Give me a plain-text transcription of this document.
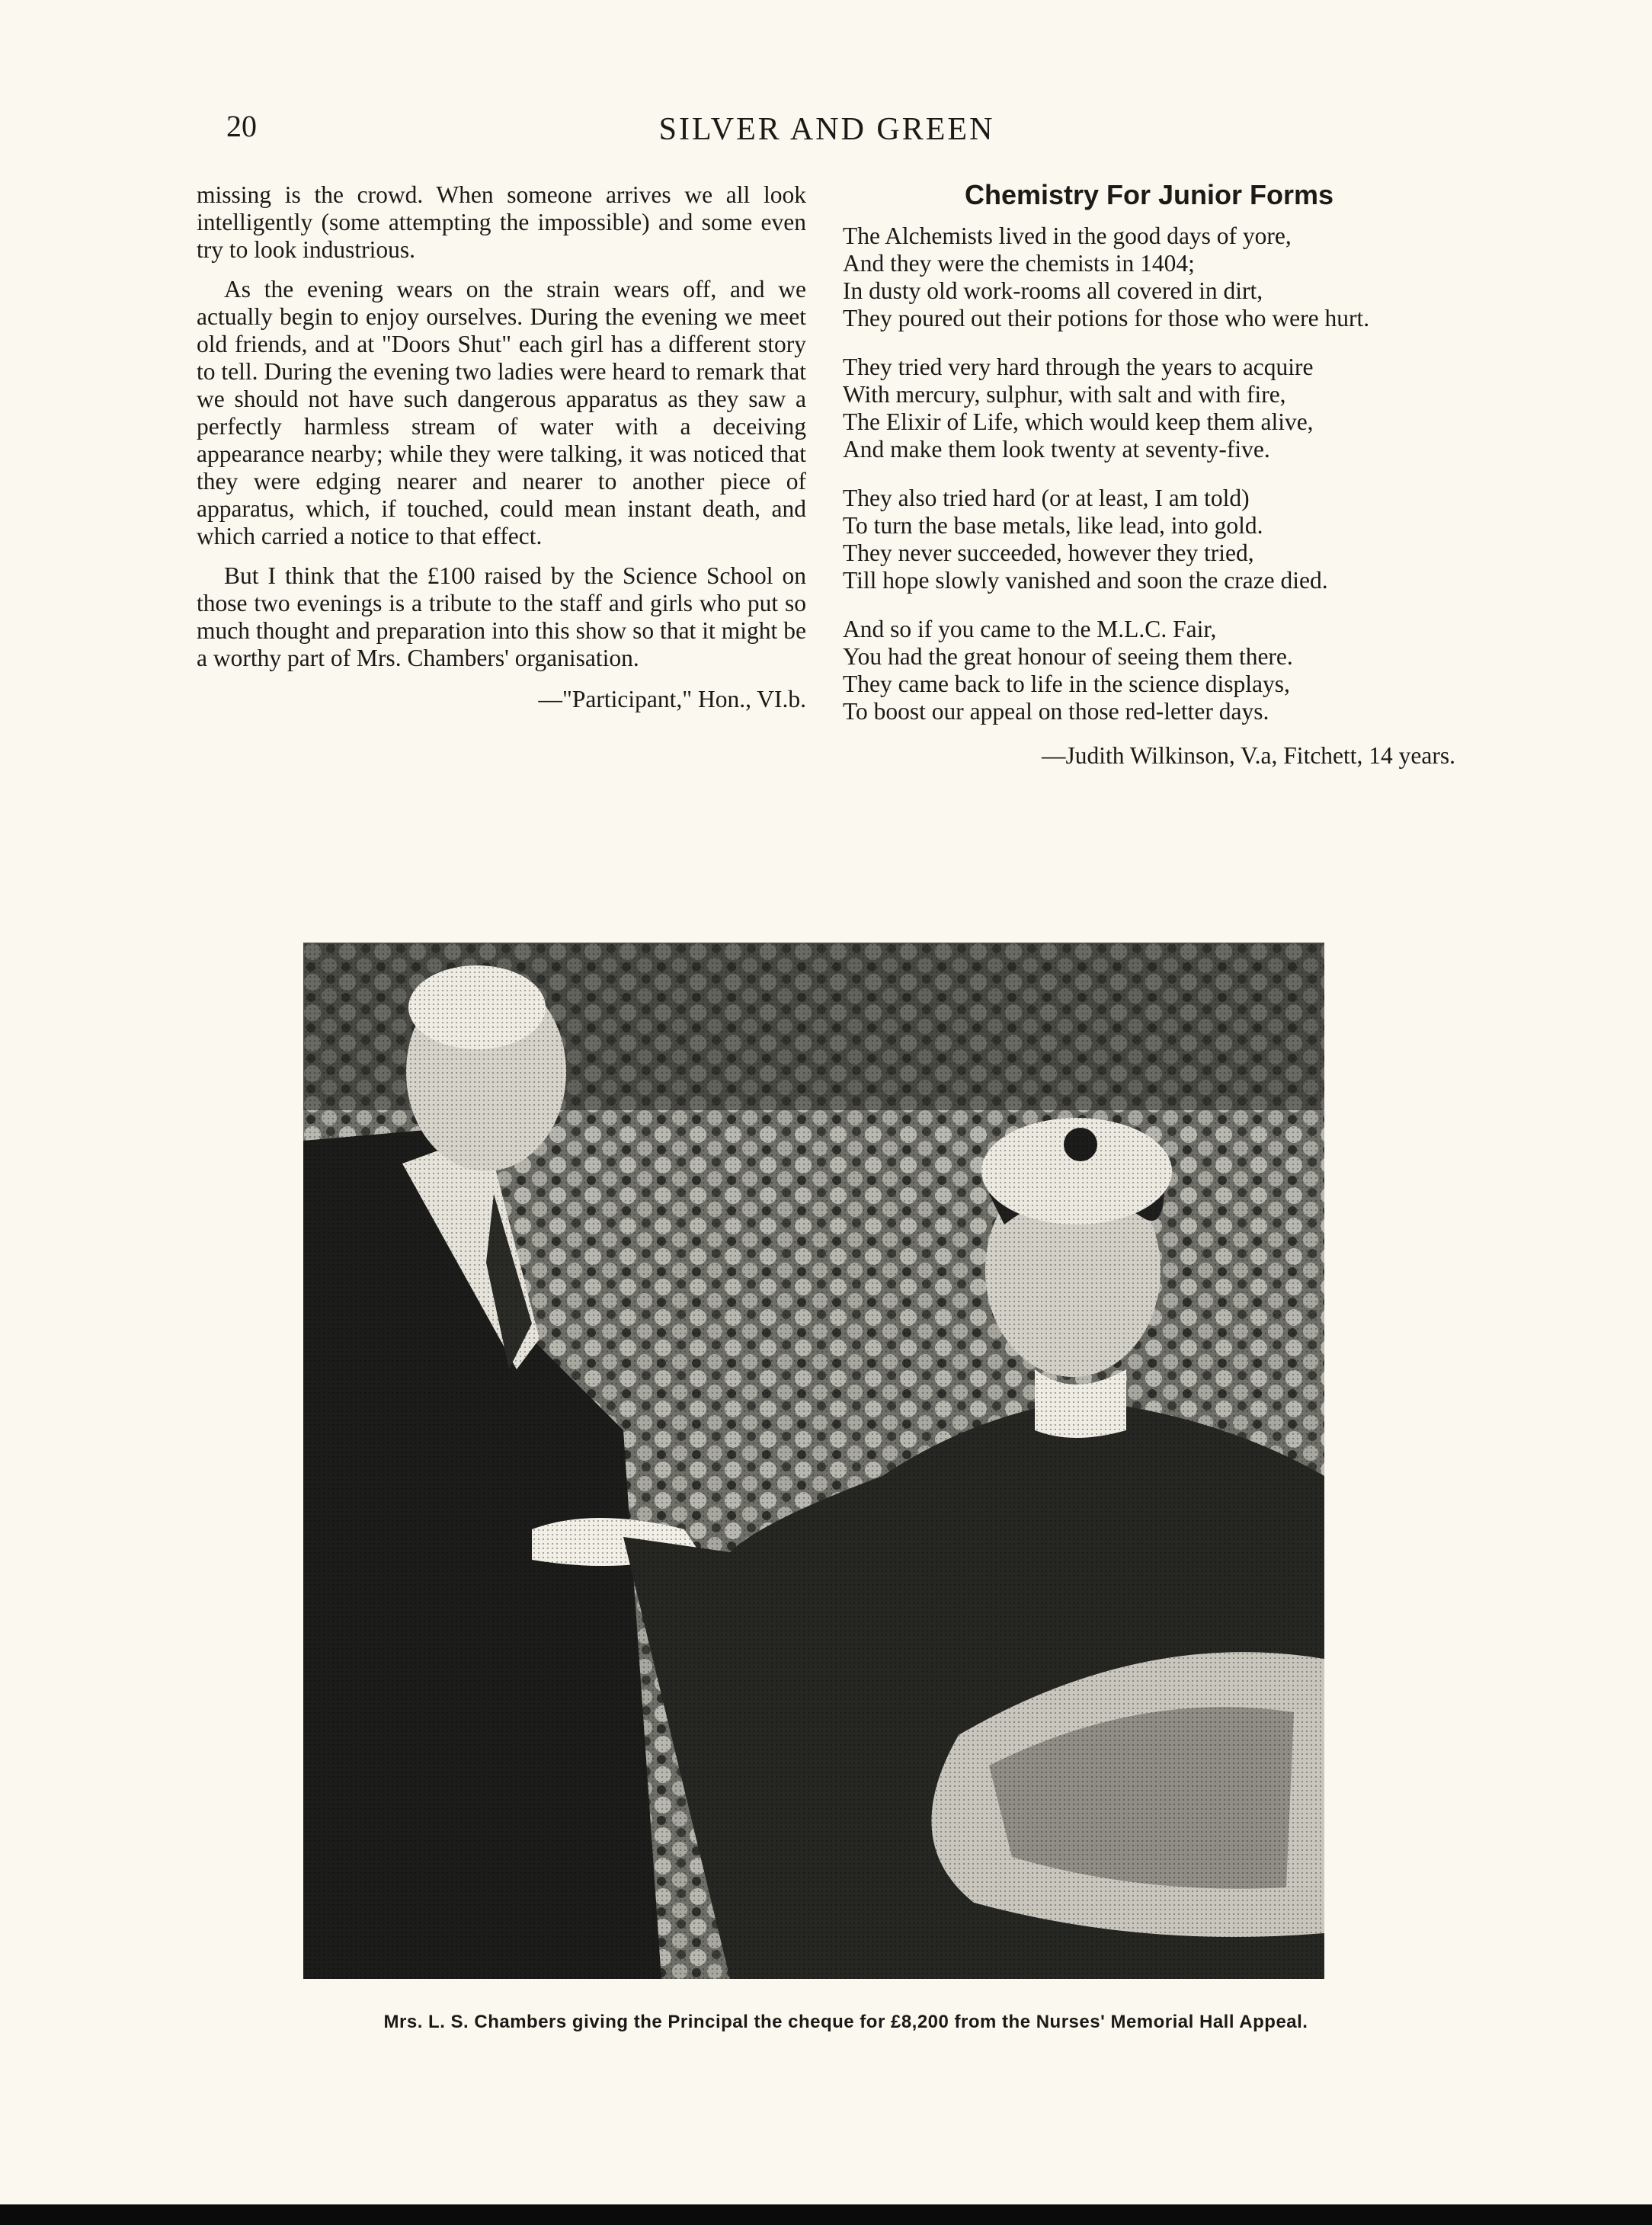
20	SILVER AND GREEN

missing is the crowd. When someone arrives we all look intelligently (some attempting the impossible) and some even try to look industrious.

As the evening wears on the strain wears off, and we actually begin to enjoy ourselves. During the evening we meet old friends, and at "Doors Shut" each girl has a different story to tell. During the evening two ladies were heard to remark that we should not have such dangerous apparatus as they saw a perfectly harmless stream of water with a deceiving appearance nearby; while they were talking, it was noticed that they were edging nearer and nearer to another piece of apparatus, which, if touched, could mean instant death, and which carried a notice to that effect.

But I think that the £100 raised by the Science School on those two evenings is a tribute to the staff and girls who put so much thought and preparation into this show so that it might be a worthy part of Mrs. Chambers' organisation.

—"Participant," Hon., VI.b.

Chemistry For Junior Forms
The Alchemists lived in the good days of yore,
And they were the chemists in 1404;
In dusty old work-rooms all covered in dirt,
They poured out their potions for those who were hurt.
They tried very hard through the years to acquire
With mercury, sulphur, with salt and with fire,
The Elixir of Life, which would keep them alive,
And make them look twenty at seventy-five.
They also tried hard (or at least, I am told)
To turn the base metals, like lead, into gold.
They never succeeded, however they tried,
Till hope slowly vanished and soon the craze died.
And so if you came to the M.L.C. Fair,
You had the great honour of seeing them there.
They came back to life in the science displays,
To boost our appeal on those red-letter days.
—Judith Wilkinson, V.a, Fitchett, 14 years.
Mrs. L. S. Chambers giving the Principal the cheque for £8,200 from the Nurses' Memorial Hall Appeal.
